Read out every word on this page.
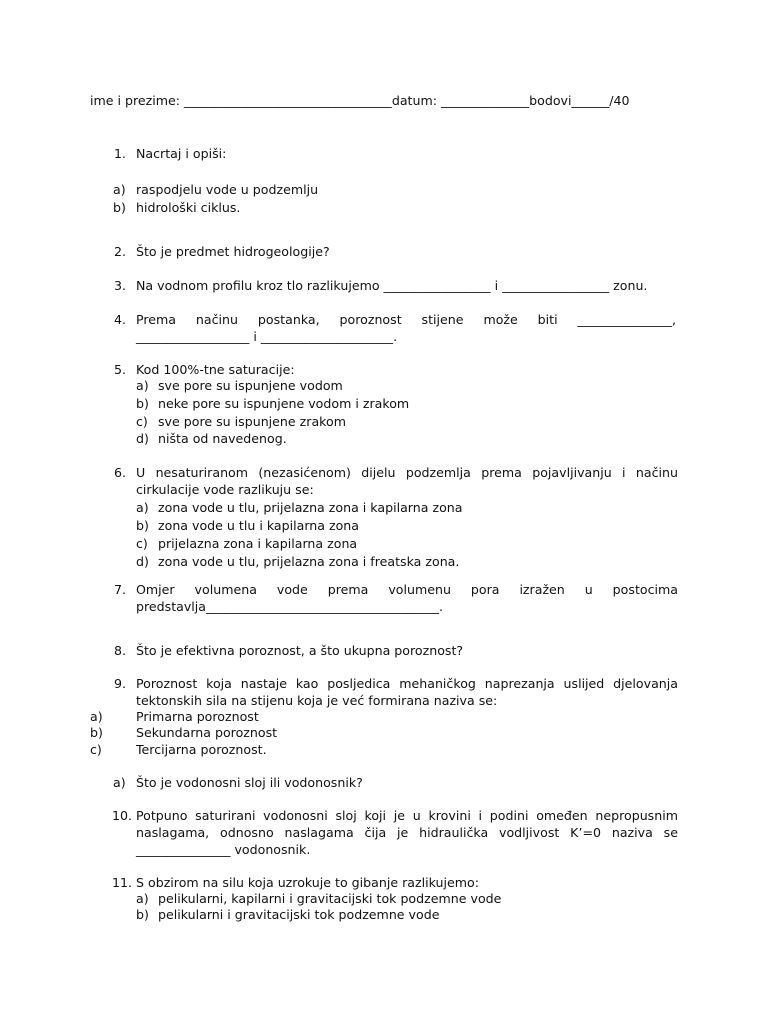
ime i prezime: _________________________________datum: ______________bodovi______/40
1. Nacrtaj i opiši:
a) raspodjelu vode u podzemlju
b) hidrološki ciklus.
2. Što je predmet hidrogeologije?
3. Na vodnom profilu kroz tlo razlikujemo _________________ i _________________ zonu.
4. Prema načinu postanka, poroznost stijene može biti _______________,
__________________ i _____________________.
5. Kod 100%-tne saturacije:
a) sve pore su ispunjene vodom
b) neke pore su ispunjene vodom i zrakom
c) sve pore su ispunjene zrakom
d) ništa od navedenog.
6. U nesaturiranom (nezasićenom) dijelu podzemlja prema pojavljivanju i načinu
cirkulacije vode razlikuju se:
a) zona vode u tlu, prijelazna zona i kapilarna zona
b) zona vode u tlu i kapilarna zona
c) prijelazna zona i kapilarna zona
d) zona vode u tlu, prijelazna zona i freatska zona.
7. Omjer volumena vode prema volumenu pora izražen u postocima
predstavlja_____________________________________.
8. Što je efektivna poroznost, a što ukupna poroznost?
9. Poroznost koja nastaje kao posljedica mehaničkog naprezanja uslijed djelovanja
tektonskih sila na stijenu koja je već formirana naziva se:
a)	Primarna poroznost
b)	Sekundarna poroznost
c)	Tercijarna poroznost.
a) Što je vodonosni sloj ili vodonosnik?
10. Potpuno saturirani vodonosni sloj koji je u krovini i podini omeđen nepropusnim
naslagama, odnosno naslagama čija je hidraulička vodljivost K’=0 naziva se
_______________ vodonosnik.
11. S obzirom na silu koja uzrokuje to gibanje razlikujemo:
a) pelikularni, kapilarni i gravitacijski tok podzemne vode
b) pelikularni i gravitacijski tok podzemne vode
